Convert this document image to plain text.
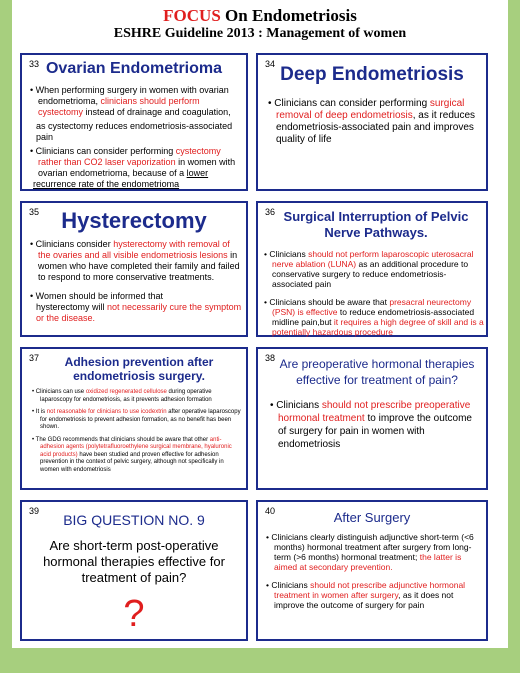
FOCUS On Endometriosis
ESHRE Guideline 2013 : Management of women
33 Ovarian Endometrioma

• When performing surgery in women with ovarian endometrioma, clinicians should perform cystectomy instead of drainage and coagulation,

as cystectomy reduces endometriosis-associated pain

• Clinicians can consider performing cystectomy rather than CO2 laser vaporization in women with ovarian endometrioma, because of a lower

recurrence rate of the endometrioma

34 Deep Endometriosis

• Clinicians can consider performing surgical removal of deep endometriosis, as it reduces endometriosis-associated pain and improves quality of life

35	Hysterectomy

• Clinicians consider hysterectomy with removal of the ovaries and all visible endometriosis lesions in women who have completed their family and failed to respond to more conservative treatments.

• Women should be informed that

hysterectomy will not necessarily cure the symptom or the disease.

36 Surgical Interruption of Pelvic Nerve Pathways.

• Clinicians should not perform laparoscopic uterosacral nerve ablation (LUNA) as an additional procedure to conservative surgery to reduce endometriosis-associated pain

• Clinicians should be aware that presacral neurectomy (PSN) is effective to reduce endometriosis-associated midline pain,but it requires a high degree of skill and is a potentially hazardous procedure

37	Adhesion prevention after endometriosis surgery.

• Clinicians can use oxidized regenerated cellulose during operative laparoscopy for endometriosis, as it prevents adhesion formation

• It is not reasonable for clinicians to use icodextrin after operative laparoscopy for endometriosis to prevent adhesion formation, as no benefit has been shown.

• The GDG recommends that clinicians should be aware that other anti-adhesion agents (polytetrafluoroethylene surgical membrane, hyaluronic acid products) have been studied and proven effective for adhesion prevention in the context of pelvic surgery, although not specifically in women with endometriosis

38 Are preoperative hormonal therapies effective for treatment of pain?

• Clinicians should not prescribe preoperative hormonal treatment to improve the outcome of surgery for pain in women with endometriosis

39
BIG QUESTION NO. 9
Are short-term post-operative hormonal therapies effective for treatment of pain?
?
40	After Surgery

• Clinicians clearly distinguish adjunctive short-term (<6 months) hormonal treatment after surgery from long-term (>6 months) hormonal treatment; the latter is aimed at secondary prevention.

• Clinicians should not prescribe adjunctive hormonal treatment in women after surgery, as it does not improve the outcome of surgery for pain
